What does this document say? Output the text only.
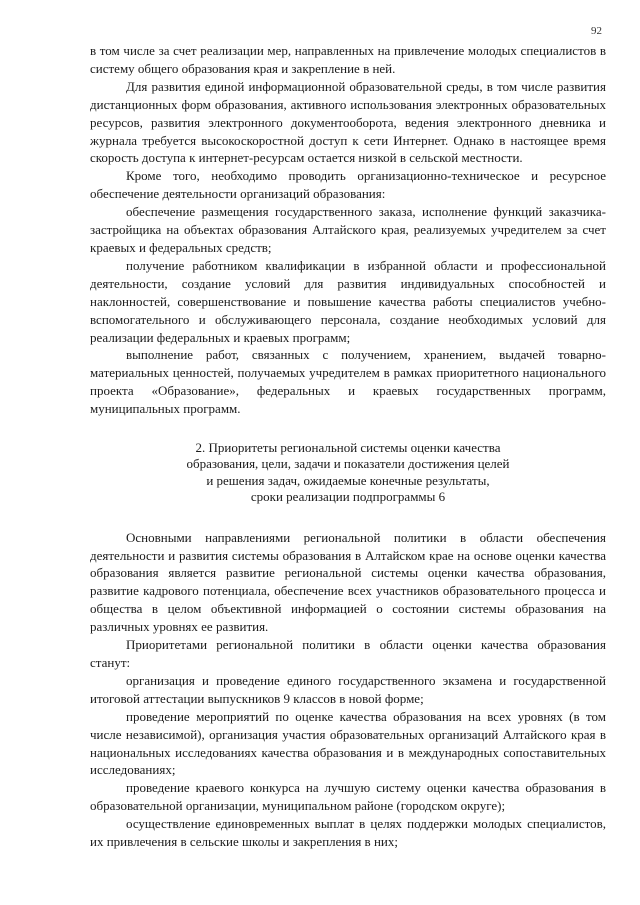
92

в том числе за счет реализации мер, направленных на привлечение молодых специалистов в систему общего образования края и закрепление в ней.

Для развития единой информационной образовательной среды, в том числе развития дистанционных форм образования, активного использования электронных образовательных ресурсов, развития электронного документооборота, ведения электронного дневника и журнала требуется высокоскоростной доступ к сети Интернет. Однако в настоящее время скорость доступа к интернет-ресурсам остается низкой в сельской местности.

Кроме того, необходимо проводить организационно-техническое и ресурсное обеспечение деятельности организаций образования:

обеспечение размещения государственного заказа, исполнение функций заказчика-застройщика на объектах образования Алтайского края, реализуемых учредителем за счет краевых и федеральных средств;

получение работником квалификации в избранной области и профессиональной деятельности, создание условий для развития индивидуальных способностей и наклонностей, совершенствование и повышение качества работы специалистов учебно-вспомогательного и обслуживающего персонала, создание необходимых условий для реализации федеральных и краевых программ;

выполнение работ, связанных с получением, хранением, выдачей товарно-материальных ценностей, получаемых учредителем в рамках приоритетного национального проекта «Образование», федеральных и краевых государственных программ, муниципальных программ.

2. Приоритеты региональной системы оценки качества
образования, цели, задачи и показатели достижения целей
и решения задач, ожидаемые конечные результаты,
сроки реализации подпрограммы 6

Основными направлениями региональной политики в области обеспечения деятельности и развития системы образования в Алтайском крае на основе оценки качества образования является развитие региональной системы оценки качества образования, развитие кадрового потенциала, обеспечение всех участников образовательного процесса и общества в целом объективной информацией о состоянии системы образования на различных уровнях ее развития.

Приоритетами региональной политики в области оценки качества образования станут:

организация и проведение единого государственного экзамена и государственной итоговой аттестации выпускников 9 классов в новой форме;

проведение мероприятий по оценке качества образования на всех уровнях (в том числе независимой), организация участия образовательных организаций Алтайского края в национальных исследованиях качества образования и в международных сопоставительных исследованиях;

проведение краевого конкурса на лучшую систему оценки качества образования в образовательной организации, муниципальном районе (городском округе);

осуществление единовременных выплат в целях поддержки молодых специалистов, их привлечения в сельские школы и закрепления в них;
